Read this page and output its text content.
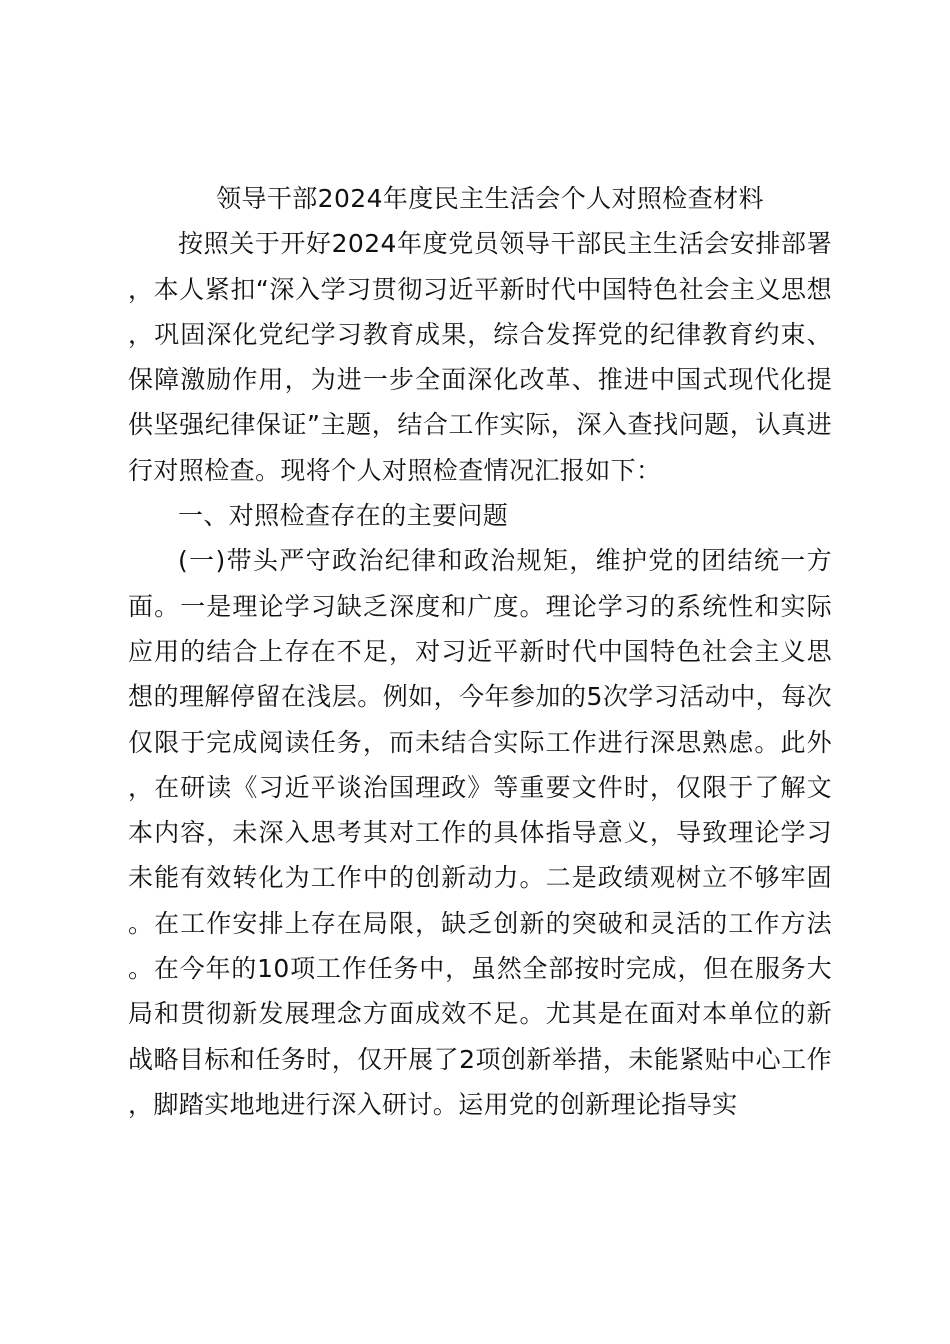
领导干部2024年度民主生活会个人对照检查材料

按照关于开好2024年度党员领导干部民主生活会安排部署，本人紧扣“深入学习贯彻习近平新时代中国特色社会主义思想，巩固深化党纪学习教育成果，综合发挥党的纪律教育约束、保障激励作用，为进一步全面深化改革、推进中国式现代化提供坚强纪律保证”主题，结合工作实际，深入查找问题，认真进行对照检查。现将个人对照检查情况汇报如下：

一、对照检查存在的主要问题

(一)带头严守政治纪律和政治规矩，维护党的团结统一方面。一是理论学习缺乏深度和广度。理论学习的系统性和实际应用的结合上存在不足，对习近平新时代中国特色社会主义思想的理解停留在浅层。例如，今年参加的5次学习活动中，每次仅限于完成阅读任务，而未结合实际工作进行深思熟虑。此外，在研读《习近平谈治国理政》等重要文件时，仅限于了解文本内容，未深入思考其对工作的具体指导意义，导致理论学习未能有效转化为工作中的创新动力。二是政绩观树立不够牢固。在工作安排上存在局限，缺乏创新的突破和灵活的工作方法。在今年的10项工作任务中，虽然全部按时完成，但在服务大局和贯彻新发展理念方面成效不足。尤其是在面对本单位的新战略目标和任务时，仅开展了2项创新举措，未能紧贴中心工作，脚踏实地地进行深入研讨。运用党的创新理论指导实
